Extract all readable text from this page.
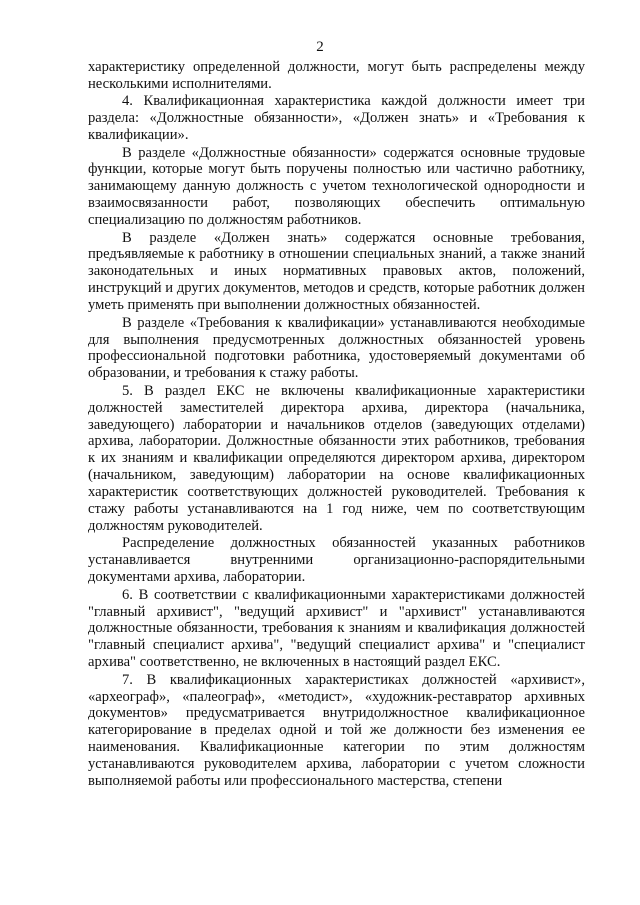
2

характеристику определенной должности, могут быть распределены между несколькими исполнителями.

4. Квалификационная характеристика каждой должности имеет три раздела: «Должностные обязанности», «Должен знать» и «Требования к квалификации».

В разделе «Должностные обязанности» содержатся основные трудовые функции, которые могут быть поручены полностью или частично работнику, занимающему данную должность с учетом технологической однородности и взаимосвязанности работ, позволяющих обеспечить оптимальную специализацию по должностям работников.

В разделе «Должен знать» содержатся основные требования, предъявляемые к работнику в отношении специальных знаний, а также знаний законодательных и иных нормативных правовых актов, положений, инструкций и других документов, методов и средств, которые работник должен уметь применять при выполнении должностных обязанностей.

В разделе «Требования к квалификации» устанавливаются необходимые для выполнения предусмотренных должностных обязанностей уровень профессиональной подготовки работника, удостоверяемый документами об образовании, и требования к стажу работы.

5. В раздел ЕКС не включены квалификационные характеристики должностей заместителей директора архива, директора (начальника, заведующего) лаборатории и начальников отделов (заведующих отделами) архива, лаборатории. Должностные обязанности этих работников, требования к их знаниям и квалификации определяются директором архива, директором (начальником, заведующим) лаборатории на основе квалификационных характеристик соответствующих должностей руководителей. Требования к стажу работы устанавливаются на 1 год ниже, чем по соответствующим должностям руководителей.

Распределение должностных обязанностей указанных работников устанавливается внутренними организационно-распорядительными документами архива, лаборатории.

6. В соответствии с квалификационными характеристиками должностей "главный архивист", "ведущий архивист" и "архивист" устанавливаются должностные обязанности, требования к знаниям и квалификация должностей "главный специалист архива", "ведущий специалист архива" и "специалист архива" соответственно, не включенных в настоящий раздел ЕКС.

7. В квалификационных характеристиках должностей «архивист», «археограф», «палеограф», «методист», «художник-реставратор архивных документов» предусматривается внутридолжностное квалификационное категорирование в пределах одной и той же должности без изменения ее наименования. Квалификационные категории по этим должностям устанавливаются руководителем архива, лаборатории с учетом сложности выполняемой работы или профессионального мастерства, степени
